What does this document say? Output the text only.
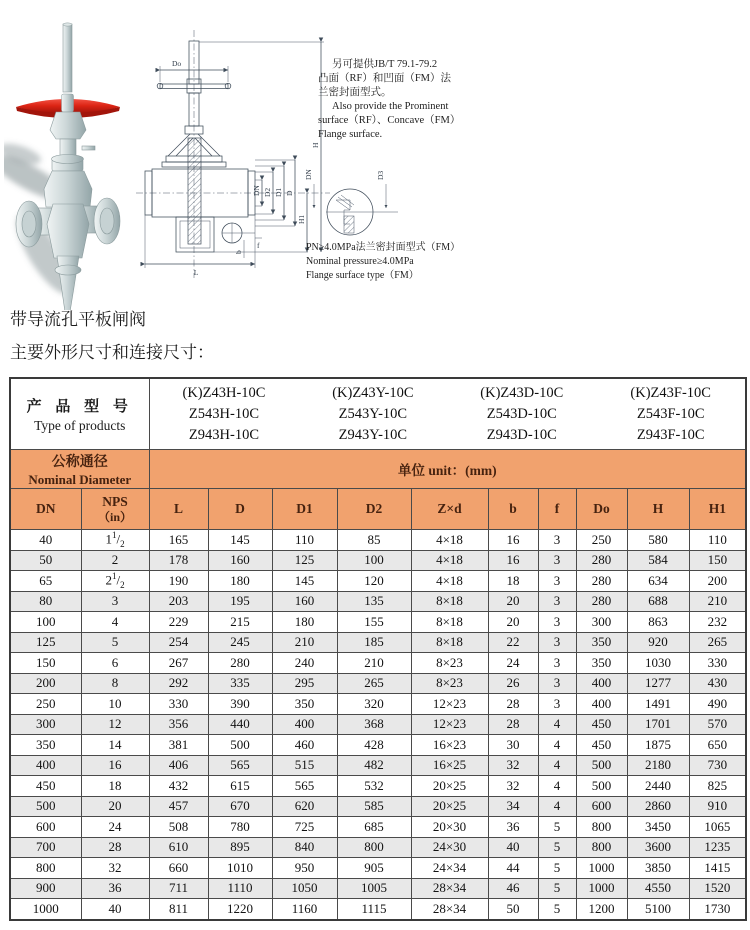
Do
DN D2 D1 D
H1
H
b
f
L
DN	D3
另可提供JB/T 79.1-79.2
凸面（RF）和凹面（FM）法
兰密封面型式。
Also provide the Prominent
surface（RF）、Concave（FM）
Flange surface.
PN≥4.0MPa法兰密封面型式（FM）
Nominal pressure≥4.0MPa
Flange surface type（FM）
带导流孔平板闸阀
主要外形尺寸和连接尺寸：
产 品 型 号
Type of products

(K)Z43H-10C
Z543H-10C
Z943H-10C
(K)Z43Y-10C
Z543Y-10C
Z943Y-10C
(K)Z43D-10C
Z543D-10C
Z943D-10C
(K)Z43F-10C
Z543F-10C
Z943F-10C

公称通径
Nominal Diameter		单位 unit：(mm)									

DN	NPS
（in）	L	D	D1	D2	Z×d	b	f	Do	H	H1

40	$1^1/_2$	165	145	110	85	4×18	16	3	250	580	110
50	2	178	160	125	100	4×18	16	3	280	584	150
65	$2^1/_2$	190	180	145	120	4×18	18	3	280	634	200
80	3	203	195	160	135	8×18	20	3	280	688	210
100	4	229	215	180	155	8×18	20	3	300	863	232
125	5	254	245	210	185	8×18	22	3	350	920	265
150	6	267	280	240	210	8×23	24	3	350	1030	330
200	8	292	335	295	265	8×23	26	3	400	1277	430
250	10	330	390	350	320	12×23	28	3	400	1491	490
300	12	356	440	400	368	12×23	28	4	450	1701	570
350	14	381	500	460	428	16×23	30	4	450	1875	650
400	16	406	565	515	482	16×25	32	4	500	2180	730
450	18	432	615	565	532	20×25	32	4	500	2440	825
500	20	457	670	620	585	20×25	34	4	600	2860	910
600	24	508	780	725	685	20×30	36	5	800	3450	1065
700	28	610	895	840	800	24×30	40	5	800	3600	1235
800	32	660	1010	950	905	24×34	44	5	1000	3850	1415
900	36	711	1110	1050	1005	28×34	46	5	1000	4550	1520
1000	40	811	1220	1160	1115	28×34	50	5	1200	5100	1730
